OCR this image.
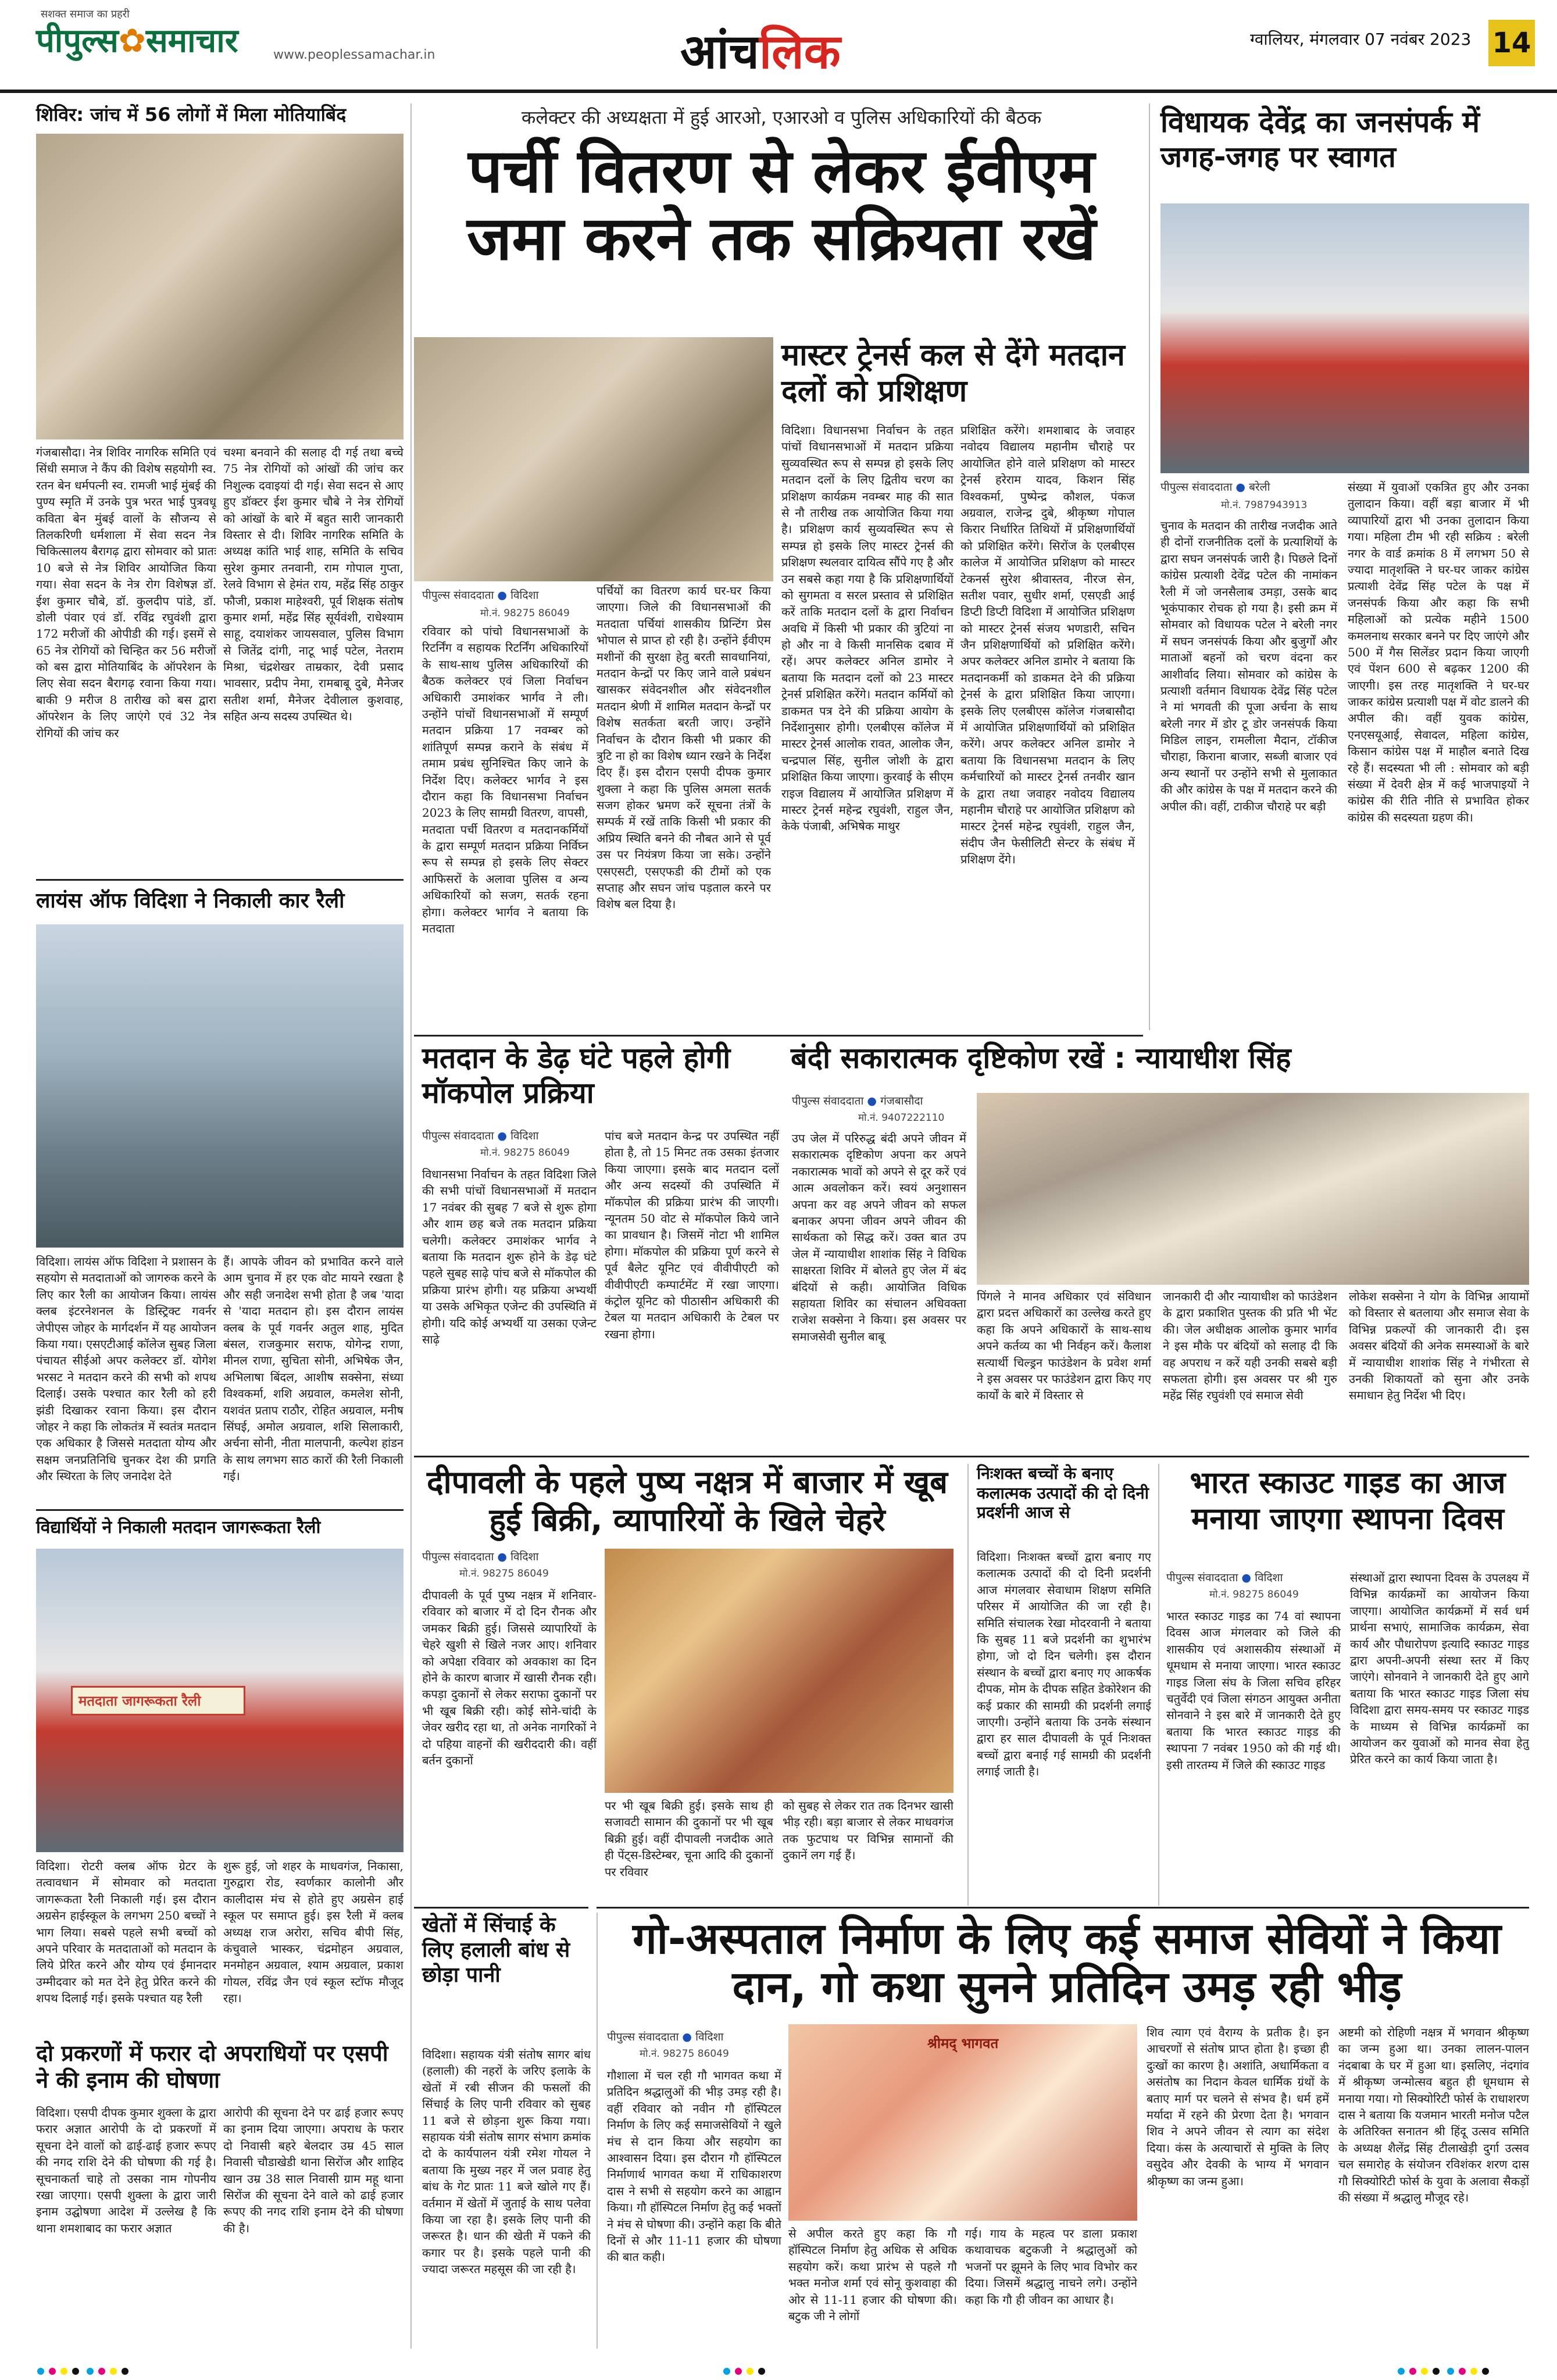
सशक्त समाज का प्रहरी
पीपुल्स✿समाचार	www.peoplessamachar.in	आंचलिक	ग्वालियर, मंगलवार 07 नवंबर 2023 14
शिविर: जांच में 56 लोगों में मिला मोतियाबिंद
गंजबासौदा। नेत्र शिविर नागरिक समिति एवं सिंधी समाज ने कैंप की विशेष सहयोगी स्व. रतन बेन धर्मपत्नी स्व. रामजी भाई मुंबई की पुण्य स्मृति में उनके पुत्र भरत भाई पुत्रवधू कविता बेन मुंबई वालों के सौजन्य से तिलकरिणी धर्मशाला में सेवा सदन नेत्र चिकित्सालय बैरागढ़ द्वारा सोमवार को प्रातः 10 बजे से नेत्र शिविर आयोजित किया गया। सेवा सदन के नेत्र रोग विशेषज्ञ डॉ. ईश कुमार चौबे, डॉ. कुलदीप पांडे, डॉ. डोली पंवार एवं डॉ. रविंद्र रघुवंशी द्वारा 172 मरीजों की ओपीडी की गई। इसमें से 65 नेत्र रोगियों को चिन्हित कर 56 मरीजों को बस द्वारा मोतियाबिंद के ऑपरेशन के लिए सेवा सदन बैरागढ़ रवाना किया गया। बाकी 9 मरीज 8 तारीख को बस द्वारा ऑपरेशन के लिए जाएंगे एवं 32 नेत्र रोगियों की जांच कर
चश्मा बनवाने की सलाह दी गई तथा बच्चे 75 नेत्र रोगियों को आंखों की जांच कर निशुल्क दवाइयां दी गई। सेवा सदन से आए हुए डॉक्टर ईश कुमार चौबे ने नेत्र रोगियों को आंखों के बारे में बहुत सारी जानकारी विस्तार से दी। शिविर नागरिक समिति के अध्यक्ष कांति भाई शाह, समिति के सचिव सुरेश कुमार तनवानी, राम गोपाल गुप्ता, रेलवे विभाग से हेमंत राय, महेंद्र सिंह ठाकुर फौजी, प्रकाश माहेश्वरी, पूर्व शिक्षक संतोष कुमार शर्मा, महेंद्र सिंह सूर्यवंशी, राधेश्याम साहू, दयाशंकर जायसवाल, पुलिस विभाग से जितेंद्र दांगी, नाटू भाई पटेल, नेतराम मिश्रा, चंद्रशेखर ताम्रकार, देवी प्रसाद भावसार, प्रदीप नेमा, रामबाबू दुबे, मैनेजर सतीश शर्मा, मैनेजर देवीलाल कुशवाह, सहित अन्य सदस्य उपस्थित थे।
लायंस ऑफ विदिशा ने निकाली कार रैली
विदिशा। लायंस ऑफ विदिशा ने प्रशासन के सहयोग से मतदाताओं को जागरुक करने के लिए कार रैली का आयोजन किया। लायंस क्लब इंटरनेशनल के डिस्ट्रिक्ट गवर्नर जेपीएस जोहर के मार्गदर्शन में यह आयोजन किया गया। एसएटीआई कॉलेज सुबह जिला पंचायत सीईओ अपर कलेक्टर डॉ. योगेश भरसट ने मतदान करने की सभी को शपथ दिलाई। उसके पश्चात कार रैली को हरी झंडी दिखाकर रवाना किया। इस दौरान जोहर ने कहा कि लोकतंत्र में स्वतंत्र मतदान एक अधिकार है जिससे मतदाता योग्य और सक्षम जनप्रतिनिधि चुनकर देश की प्रगति और स्थिरता के लिए जनादेश देते
हैं। आपके जीवन को प्रभावित करने वाले आम चुनाव में हर एक वोट मायने रखता है और सही जनादेश सभी होता है जब 'यादा से 'यादा मतदान हो। इस दौरान लायंस क्लब के पूर्व गवर्नर अतुल शाह, मुदित बंसल, राजकुमार सराफ, योगेन्द्र राणा, मीनल राणा, सुचिता सोनी, अभिषेक जैन, अभिलाषा बिंदल, आशीष सक्सेना, संध्या विश्वकर्मा, शशि अग्रवाल, कमलेश सोनी, यशवंत प्रताप राठौर, रोहित अग्रवाल, मनीष सिंघई, अमोल अग्रवाल, शशि सिलाकारी, अर्चना सोनी, नीता मालपानी, कल्पेश हांडन के साथ लगभग साठ कारों की रैली निकाली गई।
विद्यार्थियों ने निकाली मतदान जागरूकता रैली
मतदाता जागरूकता रैली
विदिशा। रोटरी क्लब ऑफ ग्रेटर के तत्वावधान में सोमवार को मतदाता जागरूकता रैली निकाली गई। इस दौरान अग्रसेन हाईस्कूल के लगभग 250 बच्चों ने भाग लिया। सबसे पहले सभी बच्चों को अपने परिवार के मतदाताओं को मतदान के लिये प्रेरित करने और योग्य एवं ईमानदार उम्मीदवार को मत देने हेतु प्रेरित करने की शपथ दिलाई गई। इसके पश्चात यह रैली
शुरू हुई, जो शहर के माधवगंज, निकासा, गुरुद्वारा रोड, स्वर्णकार कालोनी और कालीदास मंच से होते हुए अग्रसेन हाई स्कूल पर समाप्त हुई। इस रैली में क्लब अध्यक्ष राज अरोरा, सचिव बीपी सिंह, कंचुवाले भास्कर, चंद्रमोहन अग्रवाल, मनमोहन अग्रवाल, श्याम अग्रवाल, प्रकाश गोयल, रविंद्र जैन एवं स्कूल स्टॉफ मौजूद रहा।
दो प्रकरणों में फरार दो अपराधियों पर एसपी ने की इनाम की घोषणा
विदिशा। एसपी दीपक कुमार शुक्ला के द्वारा फरार अज्ञात आरोपी के दो प्रकरणों में सूचना देने वालों को ढाई-ढाई हजार रूपए की नगद राशि देने की घोषणा की गई है। सूचनाकर्ता चाहे तो उसका नाम गोपनीय रखा जाएगा। एसपी शुक्ला के द्वारा जारी इनाम उद्घोषणा आदेश में उल्लेख है कि थाना शमशाबाद का फरार अज्ञात
आरोपी की सूचना देने पर ढाई हजार रूपए का इनाम दिया जाएगा। अपराध के फरार दो निवासी बहरे बेलदार उम्र 45 साल निवासी चौडाखेडी थाना सिरोंज और शाहिद खान उम्र 38 साल निवासी ग्राम महू थाना सिरोंज की सूचना देने वाले को ढाई हजार रूपए की नगद राशि इनाम देने की घोषणा की है।
कलेक्टर की अध्यक्षता में हुई आरओ, एआरओ व पुलिस अधिकारियों की बैठक
पर्ची वितरण से लेकर ईवीएम जमा करने तक सक्रियता रखें
पीपुल्स संवाददाता ● विदिशा
मो.नं. 98275 86049
पर्चियों का वितरण कार्य घर-घर किया जाएगा। जिले की विधानसभाओं की मतदाता पर्चियां शासकीय प्रिन्टिंग प्रेस भोपाल से प्राप्त हो रही है। उन्होंने ईवीएम मशीनों की सुरक्षा हेतु बरती सावधानियां, मतदान केन्द्रों पर किए जाने वाले प्रबंधन खासकर संवेदनशील और संवेदनशील मतदान श्रेणी में शामिल मतदान केन्द्रों पर विशेष सतर्कता बरती जाए। उन्होंने निर्वाचन के दौरान किसी भी प्रकार की त्रुटि ना हो का विशेष ध्यान रखने के निर्देश दिए हैं। इस दौरान एसपी दीपक कुमार शुक्ला ने कहा कि पुलिस अमला सतर्क सजग होकर भ्रमण करें सूचना तंत्रों के सम्पर्क में रखें ताकि किसी भी प्रकार की अप्रिय स्थिति बनने की नौबत आने से पूर्व उस पर नियंत्रण किया जा सके। उन्होंने एसएसटी, एसएफडी की टीमों को एक सप्ताह और सघन जांच पड़ताल करने पर विशेष बल दिया है।
रविवार को पांचो विधानसभाओं के रिटर्निंग व सहायक रिटर्निंग अधिकारियों के साथ-साथ पुलिस अधिकारियों की बैठक कलेक्टर एवं जिला निर्वाचन अधिकारी उमाशंकर भार्गव ने ली। उन्होंने पांचों विधानसभाओं में सम्पूर्ण मतदान प्रक्रिया 17 नवम्बर को शांतिपूर्ण सम्पन्न कराने के संबंध में तमाम प्रबंध सुनिश्चित किए जाने के निर्देश दिए। कलेक्टर भार्गव ने इस दौरान कहा कि विधानसभा निर्वाचन 2023 के लिए सामग्री वितरण, वापसी, मतदाता पर्ची वितरण व मतदानकर्मियों के द्वारा सम्पूर्ण मतदान प्रक्रिया निर्विघ्न रूप से सम्पन्न हो इसके लिए सेक्टर आफिसरों के अलावा पुलिस व अन्य अधिकारियों को सजग, सतर्क रहना होगा। कलेक्टर भार्गव ने बताया कि मतदाता
मास्टर ट्रेनर्स कल से देंगे मतदान दलों को प्रशिक्षण
विदिशा। विधानसभा निर्वाचन के तहत पांचों विधानसभाओं में मतदान प्रक्रिया सुव्यवस्थित रूप से सम्पन्न हो इसके लिए मतदान दलों के लिए द्वितीय चरण का प्रशिक्षण कार्यक्रम नवम्बर माह की सात से नौ तारीख तक आयोजित किया गया है। प्रशिक्षण कार्य सुव्यवस्थित रूप से सम्पन्न हो इसके लिए मास्टर ट्रेनर्स की प्रशिक्षण स्थलवार दायित्व सौंपे गए है और उन सबसे कहा गया है कि प्रशिक्षणार्थियों को सुगमता व सरल प्रस्ताव से प्रशिक्षित करें ताकि मतदान दलों के द्वारा निर्वाचन अवधि में किसी भी प्रकार की त्रुटियां ना हो और ना वे किसी मानसिक दबाव में रहें। अपर कलेक्टर अनिल डामोर ने बताया कि मतदान दलों को 23 मास्टर ट्रेनर्स प्रशिक्षित करेंगे। मतदान कर्मियों को डाकमत पत्र देने की प्रक्रिया आयोग के निर्देशानुसार होगी। एलबीएस कॉलेज में मास्टर ट्रेनर्स आलोक रावत, आलोक जैन, चन्द्रपाल सिंह, सुनील जोशी के द्वारा प्रशिक्षित किया जाएगा। कुरवाई के सीएम राइज विद्यालय में आयोजित प्रशिक्षण में मास्टर ट्रेनर्स महेन्द्र रघुवंशी, राहुल जैन, केके पंजाबी, अभिषेक माथुर
प्रशिक्षित करेंगे। शमशाबाद के जवाहर नवोदय विद्यालय महानीम चौराहे पर आयोजित होने वाले प्रशिक्षण को मास्टर ट्रेनर्स हरेराम यादव, किशन सिंह विश्वकर्मा, पुष्पेन्द्र कौशल, पंकज अग्रवाल, राजेन्द्र दुबे, श्रीकृष्ण गोपाल किरार निर्धारित तिथियों में प्रशिक्षणार्थियों को प्रशिक्षित करेंगे। सिरोंज के एलबीएस कालेज में आयोजित प्रशिक्षण को मास्टर टेकनर्स सुरेश श्रीवास्तव, नीरज सेन, सतीश पवार, सुधीर शर्मा, एसएडी आई डिप्टी डिप्टी विदिशा में आयोजित प्रशिक्षण को मास्टर ट्रेनर्स संजय भणडारी, सचिन जैन प्रशिक्षणार्थियों को प्रशिक्षित करेंगे। अपर कलेक्टर अनिल डामोर ने बताया कि मतदानकर्मी को डाकमत देने की प्रक्रिया ट्रेनर्स के द्वारा प्रशिक्षित किया जाएगा। इसके लिए एलबीएस कॉलेज गंजबासौदा में आयोजित प्रशिक्षणार्थियों को प्रशिक्षित करेंगे। अपर कलेक्टर अनिल डामोर ने बताया कि विधानसभा मतदान के लिए कर्मचारियों को मास्टर ट्रेनर्स तनवीर खान के द्वारा तथा जवाहर नवोदय विद्यालय महानीम चौराहे पर आयोजित प्रशिक्षण को मास्टर ट्रेनर्स महेन्द्र रघुवंशी, राहुल जैन, संदीप जैन फेसीलिटी सेन्टर के संबंध में प्रशिक्षण देंगे।
मतदान के डेढ़ घंटे पहले होगी मॉकपोल प्रक्रिया
पीपुल्स संवाददाता ● विदिशा
मो.नं. 98275 86049
विधानसभा निर्वाचन के तहत विदिशा जिले की सभी पांचों विधानसभाओं में मतदान 17 नवंबर की सुबह 7 बजे से शुरू होगा और शाम छह बजे तक मतदान प्रक्रिया चलेगी। कलेक्टर उमाशंकर भार्गव ने बताया कि मतदान शुरू होने के डेढ़ घंटे पहले सुबह साढ़े पांच बजे से मॉकपोल की प्रक्रिया प्रारंभ होगी। यह प्रक्रिया अभ्यर्थी या उसके अभिकृत एजेन्ट की उपस्थिति में होगी। यदि कोई अभ्यर्थी या उसका एजेन्ट साढ़े
पांच बजे मतदान केन्द्र पर उपस्थित नहीं होता है, तो 15 मिनट तक उसका इंतजार किया जाएगा। इसके बाद मतदान दलों और अन्य सदस्यों की उपस्थिति में मॉकपोल की प्रक्रिया प्रारंभ की जाएगी। न्यूनतम 50 वोट से मॉकपोल किये जाने का प्रावधान है। जिसमें नोटा भी शामिल होगा। मॉकपोल की प्रक्रिया पूर्ण करने से पूर्व बैलेट यूनिट एवं वीवीपीएटी को वीवीपीएटी कम्पार्टमेंट में रखा जाएगा। कंट्रोल यूनिट को पीठासीन अधिकारी की टेबल या मतदान अधिकारी के टेबल पर रखना होगा।
बंदी सकारात्मक दृष्टिकोण रखें : न्यायाधीश सिंह
पीपुल्स संवाददाता ● गंजबासौदा
मो.नं. 9407222110
उप जेल में परिरुद्ध बंदी अपने जीवन में सकारात्मक दृष्टिकोण अपना कर अपने नकारात्मक भावों को अपने से दूर करें एवं आत्म अवलोकन करें। स्वयं अनुशासन अपना कर वह अपने जीवन को सफल बनाकर अपना जीवन अपने जीवन की सार्थकता को सिद्ध करें। उक्त बात उप जेल में न्यायाधीश शाशांक सिंह ने विधिक साक्षरता शिविर में बोलते हुए जेल में बंद बंदियों से कही। आयोजित विधिक सहायता शिविर का संचालन अधिवक्ता राजेश सक्सेना ने किया। इस अवसर पर समाजसेवी सुनील बाबू
पिंगले ने मानव अधिकार एवं संविधान द्वारा प्रदत्त अधिकारों का उल्लेख करते हुए कहा कि अपने अधिकारों के साथ-साथ अपने कर्तव्य का भी निर्वहन करें। कैलाश सत्यार्थी चिल्ड्रन फाउंडेशन के प्रवेश शर्मा ने इस अवसर पर फाउंडेशन द्वारा किए गए कार्यों के बारे में विस्तार से
जानकारी दी और न्यायाधीश को फाउंडेशन के द्वारा प्रकाशित पुस्तक की प्रति भी भेंट की। जेल अधीक्षक आलोक कुमार भार्गव ने इस मौके पर बंदियों को सलाह दी कि वह अपराध न करें यही उनकी सबसे बड़ी सफलता होगी। इस अवसर पर श्री गुरु महेंद्र सिंह रघुवंशी एवं समाज सेवी
लोकेश सक्सेना ने योग के विभिन्न आयामों को विस्तार से बतलाया और समाज सेवा के विभिन्न प्रकल्पों की जानकारी दी। इस अवसर बंदियों की अनेक समस्याओं के बारे में न्यायाधीश शाशांक सिंह ने गंभीरता से उनकी शिकायतों को सुना और उनके समाधान हेतु निर्देश भी दिए।
विधायक देवेंद्र का जनसंपर्क में जगह-जगह पर स्वागत
पीपुल्स संवाददाता ● बरेली
मो.नं. 7987943913
चुनाव के मतदान की तारीख नजदीक आते ही दोनों राजनीतिक दलों के प्रत्याशियों के द्वारा सघन जनसंपर्क जारी है। पिछले दिनों कांग्रेस प्रत्याशी देवेंद्र पटेल की नामांकन रैली में जो जनसैलाब उमड़ा, उसके बाद भूकंपाकार रोचक हो गया है। इसी क्रम में सोमवार को विधायक पटेल ने बरेली नगर में सघन जनसंपर्क किया और बुजुर्गों और माताओं बहनों को चरण वंदना कर आशीर्वाद लिया। सोमवार को कांग्रेस के प्रत्याशी वर्तमान विधायक देवेंद्र सिंह पटेल ने मां भगवती की पूजा अर्चना के साथ बरेली नगर में डोर टू डोर जनसंपर्क किया मिडिल लाइन, रामलीला मैदान, टॉकीज चौराहा, किराना बाजार, सब्जी बाजार एवं अन्य स्थानों पर उन्होंने सभी से मुलाकात की और कांग्रेस के पक्ष में मतदान करने की अपील की। वहीं, टाकीज चौराहे पर बड़ी
संख्या में युवाओं एकत्रित हुए और उनका तुलादान किया। वहीं बड़ा बाजार में भी व्यापारियों द्वारा भी उनका तुलादान किया गया। महिला टीम भी रही सक्रिय : बरेली नगर के वार्ड क्रमांक 8 में लगभग 50 से ज्यादा मातृशक्ति ने घर-घर जाकर कांग्रेस प्रत्याशी देवेंद्र सिंह पटेल के पक्ष में जनसंपर्क किया और कहा कि सभी महिलाओं को प्रत्येक महीने 1500 कमलनाथ सरकार बनने पर दिए जाएंगे और 500 में गैस सिलेंडर प्रदान किया जाएगी एवं पेंशन 600 से बढ़कर 1200 की जाएगी। इस तरह मातृशक्ति ने घर-घर जाकर कांग्रेस प्रत्याशी पक्ष में वोट डालने की अपील की। वहीं युवक कांग्रेस, एनएसयूआई, सेवादल, महिला कांग्रेस, किसान कांग्रेस पक्ष में माहौल बनाते दिख रहे हैं। सदस्यता भी ली : सोमवार को बड़ी संख्या में देवरी क्षेत्र में कई भाजपाइयों ने कांग्रेस की रीति नीति से प्रभावित होकर कांग्रेस की सदस्यता ग्रहण की।
दीपावली के पहले पुष्य नक्षत्र में बाजार में खूब हुई बिक्री, व्यापारियों के खिले चेहरे
पीपुल्स संवाददाता ● विदिशा
मो.नं. 98275 86049
दीपावली के पूर्व पुष्य नक्षत्र में शनिवार-रविवार को बाजार में दो दिन रौनक और जमकर बिक्री हुई। जिससे व्यापारियों के चेहरे खुशी से खिले नजर आए। शनिवार को अपेक्षा रविवार को अवकाश का दिन होने के कारण बाजार में खासी रौनक रही। कपड़ा दुकानों से लेकर सराफा दुकानों पर भी खूब बिक्री रही। कोई सोने-चांदी के जेवर खरीद रहा था, तो अनेक नागरिकों ने दो पहिया वाहनों की खरीददारी की। वहीं बर्तन दुकानों
पर भी खूब बिक्री हुई। इसके साथ ही सजावटी सामान की दुकानों पर भी खूब बिक्री हुई। वहीं दीपावली नजदीक आते ही पेंट्स-डिस्टेम्बर, चूना आदि की दुकानों पर रविवार
को सुबह से लेकर रात तक दिनभर खासी भीड़ रही। बड़ा बाजार से लेकर माधवगंज तक फुटपाथ पर विभिन्न सामानों की दुकानें लग गई हैं।
निःशक्त बच्चों के बनाए कलात्मक उत्पादों की दो दिनी प्रदर्शनी आज से
विदिशा। निःशक्त बच्चों द्वारा बनाए गए कलात्मक उत्पादों की दो दिनी प्रदर्शनी आज मंगलवार सेवाधाम शिक्षण समिति परिसर में आयोजित की जा रही है। समिति संचालक रेखा मोदरवानी ने बताया कि सुबह 11 बजे प्रदर्शनी का शुभारंभ होगा, जो दो दिन चलेगी। इस दौरान संस्थान के बच्चों द्वारा बनाए गए आकर्षक दीपक, मोम के दीपक सहित डेकोरेशन की कई प्रकार की सामग्री की प्रदर्शनी लगाई जाएगी। उन्होंने बताया कि उनके संस्थान द्वारा हर साल दीपावली के पूर्व निःशक्त बच्चों द्वारा बनाई गई सामग्री की प्रदर्शनी लगाई जाती है।
भारत स्काउट गाइड का आज मनाया जाएगा स्थापना दिवस
पीपुल्स संवाददाता ● विदिशा
मो.नं. 98275 86049
भारत स्काउट गाइड का 74 वां स्थापना दिवस आज मंगलवार को जिले की शासकीय एवं अशासकीय संस्थाओं में धूमधाम से मनाया जाएगा। भारत स्काउट गाइड जिला संघ के जिला सचिव हरिहर चतुर्वेदी एवं जिला संगठन आयुक्त अनीता सोनवाने ने इस बारे में जानकारी देते हुए बताया कि भारत स्काउट गाइड की स्थापना 7 नवंबर 1950 को की गई थी। इसी तारतम्य में जिले की स्काउट गाइड
संस्थाओं द्वारा स्थापना दिवस के उपलक्ष्य में विभिन्न कार्यक्रमों का आयोजन किया जाएगा। आयोजित कार्यक्रमों में सर्व धर्म प्रार्थना सभाएं, सामाजिक कार्यक्रम, सेवा कार्य और पौधारोपण इत्यादि स्काउट गाइड द्वारा अपनी-अपनी संस्था स्तर में किए जाएंगे। सोनवाने ने जानकारी देते हुए आगे बताया कि भारत स्काउट गाइड जिला संघ विदिशा द्वारा समय-समय पर स्काउट गाइड के माध्यम से विभिन्न कार्यक्रमों का आयोजन कर युवाओं को मानव सेवा हेतु प्रेरित करने का कार्य किया जाता है।
खेतों में सिंचाई के लिए हलाली बांध से छोड़ा पानी
विदिशा। सहायक यंत्री संतोष सागर बांध (हलाली) की नहरों के जरिए इलाके के खेतों में रबी सीजन की फसलों की सिंचाई के लिए पानी रविवार को सुबह 11 बजे से छोड़ना शुरू किया गया। सहायक यंत्री संतोष सागर संभाग क्रमांक दो के कार्यपालन यंत्री रमेश गोयल ने बताया कि मुख्य नहर में जल प्रवाह हेतु बांध के गेट प्रातः 11 बजे खोले गए हैं। वर्तमान में खेतों में जुताई के साथ पलेवा किया जा रहा है। इसके लिए पानी की जरूरत है। धान की खेती में पकने की कगार पर है। इसके पहले पानी की ज्यादा जरूरत महसूस की जा रही है।
गो-अस्पताल निर्माण के लिए कई समाज सेवियों ने किया दान, गो कथा सुनने प्रतिदिन उमड़ रही भीड़
पीपुल्स संवाददाता ● विदिशा
मो.नं. 98275 86049
गौशाला में चल रही गौ भागवत कथा में प्रतिदिन श्रद्धालुओं की भीड़ उमड़ रही है। वहीं रविवार को नवीन गौ हॉस्पिटल निर्माण के लिए कई समाजसेवियों ने खुले मंच से दान किया और सहयोग का आश्वासन दिया। इस दौरान गौ हॉस्पिटल निर्माणार्थ भागवत कथा में राधिकाशरण दास ने सभी से सहयोग करने का आह्वान किया। गौ हॉस्पिटल निर्माण हेतु कई भक्तों ने मंच से घोषणा की। उन्होंने कहा कि बीते दिनों से और 11-11 हजार की घोषणा की बात कही।
श्रीमद् भागवत
से अपील करते हुए कहा कि गौ हॉस्पिटल निर्माण हेतु अधिक से अधिक सहयोग करें। कथा प्रारंभ से पहले गौ भक्त मनोज शर्मा एवं सोनू कुशवाहा की ओर से 11-11 हजार की घोषणा की। बटुक जी ने लोगों
गई। गाय के महत्व पर डाला प्रकाश कथावाचक बटुकजी ने श्रद्धालुओं को भजनों पर झूमने के लिए भाव विभोर कर दिया। जिसमें श्रद्धालु नाचने लगे। उन्होंने कहा कि गौ ही जीवन का आधार है।
शिव त्याग एवं वैराग्य के प्रतीक है। इन आचरणों से संतोष प्राप्त होता है। इच्छा ही दुःखों का कारण है। अशांति, अधार्मिकता व असंतोष का निदान केवल धार्मिक ग्रंथों के बताए मार्ग पर चलने से संभव है। धर्म हमें मर्यादा में रहने की प्रेरणा देता है। भगवान शिव ने अपने जीवन से त्याग का संदेश दिया। कंस के अत्याचारों से मुक्ति के लिए वसुदेव और देवकी के भाग्य में भगवान श्रीकृष्ण का जन्म हुआ।
अष्टमी को रोहिणी नक्षत्र में भगवान श्रीकृष्ण का जन्म हुआ था। उनका लालन-पालन नंदबाबा के घर में हुआ था। इसलिए, नंदगांव में श्रीकृष्ण जन्मोत्सव बहुत ही धूमधाम से मनाया गया। गो सिक्योरिटी फोर्स के राधाशरण दास ने बताया कि यजमान भारती मनोज पटैल के अतिरिक्त सनातन श्री हिंदू उत्सव समिति के अध्यक्ष शैलेंद्र सिंह टीलाखेड़ी दुर्गा उत्सव चल समारोह के संयोजन रविशंकर शरण दास गौ सिक्योरिटी फोर्स के युवा के अलावा सैकड़ों की संख्या में श्रद्धालु मौजूद रहे।
